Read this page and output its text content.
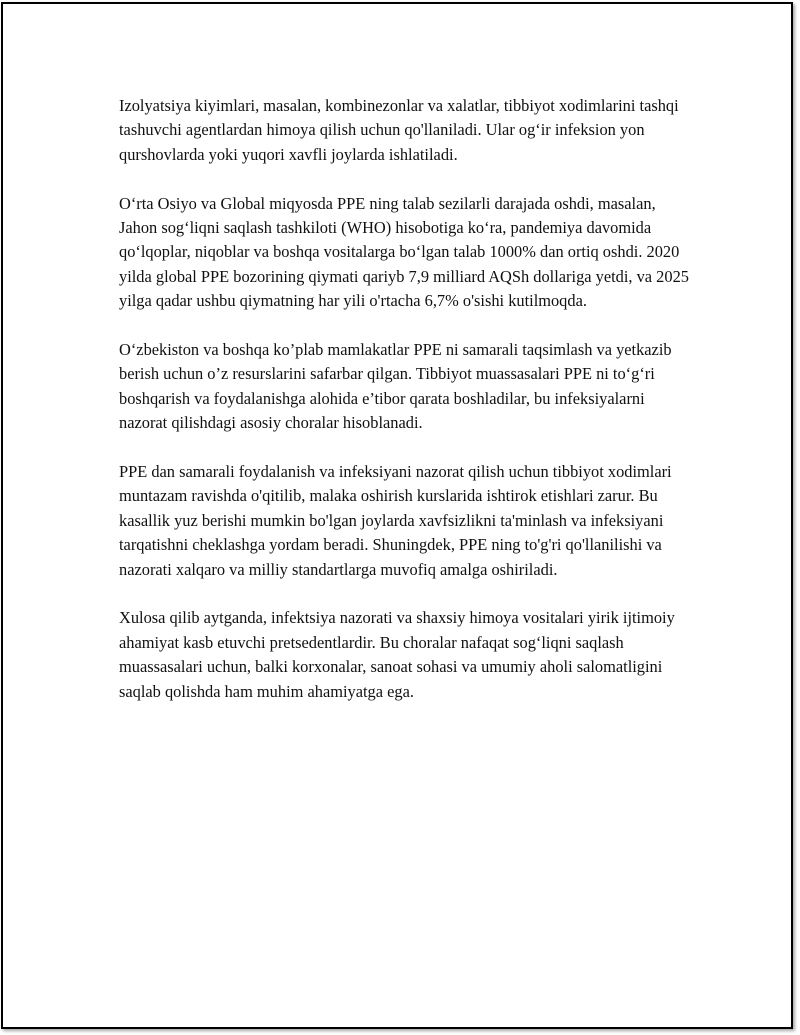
Izolyatsiya kiyimlari, masalan, kombinezonlar va xalatlar, tibbiyot xodimlarini tashqi tashuvchi agentlardan himoya qilish uchun qo'llaniladi. Ular og‘ir infeksion yon qurshovlarda yoki yuqori xavfli joylarda ishlatiladi.

O‘rta Osiyo va Global miqyosda PPE ning talab sezilarli darajada oshdi, masalan, Jahon sog‘liqni saqlash tashkiloti (WHO) hisobotiga ko‘ra, pandemiya davomida qo‘lqoplar, niqoblar va boshqa vositalarga bo‘lgan talab 1000% dan ortiq oshdi. 2020 yilda global PPE bozorining qiymati qariyb 7,9 milliard AQSh dollariga yetdi, va 2025 yilga qadar ushbu qiymatning har yili o'rtacha 6,7% o'sishi kutilmoqda.

O‘zbekiston va boshqa ko’plab mamlakatlar PPE ni samarali taqsimlash va yetkazib berish uchun o’z resurslarini safarbar qilgan. Tibbiyot muassasalari PPE ni to‘g‘ri boshqarish va foydalanishga alohida e’tibor qarata boshladilar, bu infeksiyalarni nazorat qilishdagi asosiy choralar hisoblanadi.

PPE dan samarali foydalanish va infeksiyani nazorat qilish uchun tibbiyot xodimlari muntazam ravishda o'qitilib, malaka oshirish kurslarida ishtirok etishlari zarur. Bu kasallik yuz berishi mumkin bo'lgan joylarda xavfsizlikni ta'minlash va infeksiyani tarqatishni cheklashga yordam beradi. Shuningdek, PPE ning to'g'ri qo'llanilishi va nazorati xalqaro va milliy standartlarga muvofiq amalga oshiriladi.

Xulosa qilib aytganda, infektsiya nazorati va shaxsiy himoya vositalari yirik ijtimoiy ahamiyat kasb etuvchi pretsedentlardir. Bu choralar nafaqat sog‘liqni saqlash muassasalari uchun, balki korxonalar, sanoat sohasi va umumiy aholi salomatligini saqlab qolishda ham muhim ahamiyatga ega.
